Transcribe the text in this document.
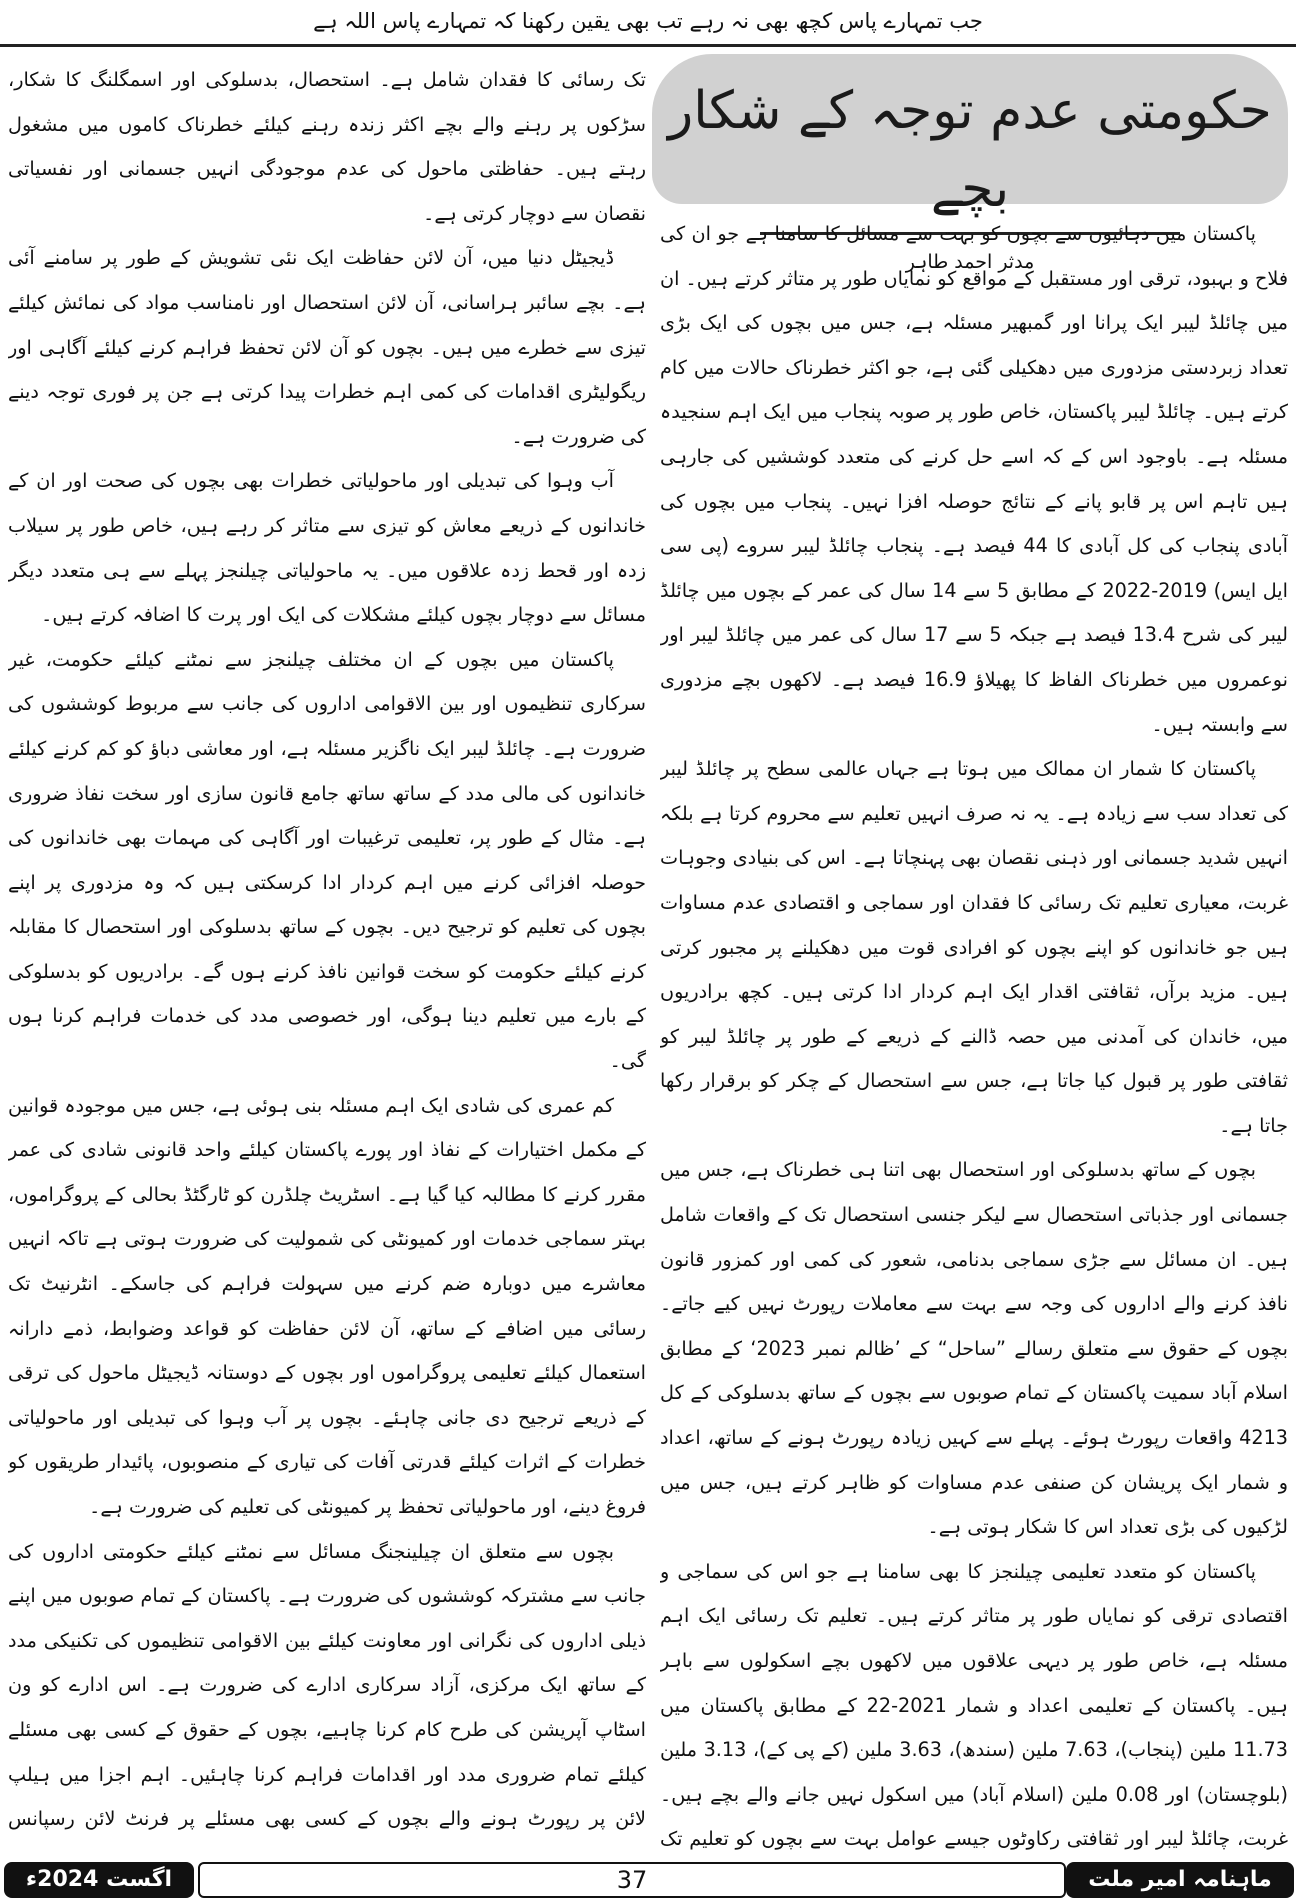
جب تمہارے پاس کچھ بھی نہ رہے تب بھی یقین رکھنا کہ تمہارے پاس اللہ ہے
حکومتی عدم توجہ کے شکار بچے
مدثر احمد طاہر

پاکستان میں دہائیوں سے بچوں کو بہت سے مسائل کا سامنا ہے جو ان کی فلاح و بہبود، ترقی اور مستقبل کے مواقع کو نمایاں طور پر متاثر کرتے ہیں۔ ان میں چائلڈ لیبر ایک پرانا اور گمبھیر مسئلہ ہے، جس میں بچوں کی ایک بڑی تعداد زبردستی مزدوری میں دھکیلی گئی ہے، جو اکثر خطرناک حالات میں کام کرتے ہیں۔ چائلڈ لیبر پاکستان، خاص طور پر صوبہ پنجاب میں ایک اہم سنجیدہ مسئلہ ہے۔ باوجود اس کے کہ اسے حل کرنے کی متعدد کوششیں کی جارہی ہیں تاہم اس پر قابو پانے کے نتائج حوصلہ افزا نہیں۔ پنجاب میں بچوں کی آبادی پنجاب کی کل آبادی کا 44 فیصد ہے۔ پنجاب چائلڈ لیبر سروے (پی سی ایل ایس) 2019-2022 کے مطابق 5 سے 14 سال کی عمر کے بچوں میں چائلڈ لیبر کی شرح 13.4 فیصد ہے جبکہ 5 سے 17 سال کی عمر میں چائلڈ لیبر اور نوعمروں میں خطرناک الفاظ کا پھیلاؤ 16.9 فیصد ہے۔ لاکھوں بچے مزدوری سے وابستہ ہیں۔

پاکستان کا شمار ان ممالک میں ہوتا ہے جہاں عالمی سطح پر چائلڈ لیبر کی تعداد سب سے زیادہ ہے۔ یہ نہ صرف انہیں تعلیم سے محروم کرتا ہے بلکہ انہیں شدید جسمانی اور ذہنی نقصان بھی پہنچاتا ہے۔ اس کی بنیادی وجوہات غربت، معیاری تعلیم تک رسائی کا فقدان اور سماجی و اقتصادی عدم مساوات ہیں جو خاندانوں کو اپنے بچوں کو افرادی قوت میں دھکیلنے پر مجبور کرتی ہیں۔ مزید برآں، ثقافتی اقدار ایک اہم کردار ادا کرتی ہیں۔ کچھ برادریوں میں، خاندان کی آمدنی میں حصہ ڈالنے کے ذریعے کے طور پر چائلڈ لیبر کو ثقافتی طور پر قبول کیا جاتا ہے، جس سے استحصال کے چکر کو برقرار رکھا جاتا ہے۔

بچوں کے ساتھ بدسلوکی اور استحصال بھی اتنا ہی خطرناک ہے، جس میں جسمانی اور جذباتی استحصال سے لیکر جنسی استحصال تک کے واقعات شامل ہیں۔ ان مسائل سے جڑی سماجی بدنامی، شعور کی کمی اور کمزور قانون نافذ کرنے والے اداروں کی وجہ سے بہت سے معاملات رپورٹ نہیں کیے جاتے۔ بچوں کے حقوق سے متعلق رسالے ”ساحل“ کے ’ظالم نمبر 2023‘ کے مطابق اسلام آباد سمیت پاکستان کے تمام صوبوں سے بچوں کے ساتھ بدسلوکی کے کل 4213 واقعات رپورٹ ہوئے۔ پہلے سے کہیں زیادہ رپورٹ ہونے کے ساتھ، اعداد و شمار ایک پریشان کن صنفی عدم مساوات کو ظاہر کرتے ہیں، جس میں لڑکیوں کی بڑی تعداد اس کا شکار ہوتی ہے۔

پاکستان کو متعدد تعلیمی چیلنجز کا بھی سامنا ہے جو اس کی سماجی و اقتصادی ترقی کو نمایاں طور پر متاثر کرتے ہیں۔ تعلیم تک رسائی ایک اہم مسئلہ ہے، خاص طور پر دیہی علاقوں میں لاکھوں بچے اسکولوں سے باہر ہیں۔ پاکستان کے تعلیمی اعداد و شمار 2021-22 کے مطابق پاکستان میں 11.73 ملین (پنجاب)، 7.63 ملین (سندھ)، 3.63 ملین (کے پی کے)، 3.13 ملین (بلوچستان) اور 0.08 ملین (اسلام آباد) میں اسکول نہیں جانے والے بچے ہیں۔ غربت، چائلڈ لیبر اور ثقافتی رکاوٹوں جیسے عوامل بہت سے بچوں کو تعلیم تک

تک رسائی کا فقدان شامل ہے۔ استحصال، بدسلوکی اور اسمگلنگ کا شکار، سڑکوں پر رہنے والے بچے اکثر زندہ رہنے کیلئے خطرناک کاموں میں مشغول رہتے ہیں۔ حفاظتی ماحول کی عدم موجودگی انہیں جسمانی اور نفسیاتی نقصان سے دوچار کرتی ہے۔

ڈیجیٹل دنیا میں، آن لائن حفاظت ایک نئی تشویش کے طور پر سامنے آئی ہے۔ بچے سائبر ہراسانی، آن لائن استحصال اور نامناسب مواد کی نمائش کیلئے تیزی سے خطرے میں ہیں۔ بچوں کو آن لائن تحفظ فراہم کرنے کیلئے آگاہی اور ریگولیٹری اقدامات کی کمی اہم خطرات پیدا کرتی ہے جن پر فوری توجہ دینے کی ضرورت ہے۔

آب وہوا کی تبدیلی اور ماحولیاتی خطرات بھی بچوں کی صحت اور ان کے خاندانوں کے ذریعے معاش کو تیزی سے متاثر کر رہے ہیں، خاص طور پر سیلاب زدہ اور قحط زدہ علاقوں میں۔ یہ ماحولیاتی چیلنجز پہلے سے ہی متعدد دیگر مسائل سے دوچار بچوں کیلئے مشکلات کی ایک اور پرت کا اضافہ کرتے ہیں۔

پاکستان میں بچوں کے ان مختلف چیلنجز سے نمٹنے کیلئے حکومت، غیر سرکاری تنظیموں اور بین الاقوامی اداروں کی جانب سے مربوط کوششوں کی ضرورت ہے۔ چائلڈ لیبر ایک ناگزیر مسئلہ ہے، اور معاشی دباؤ کو کم کرنے کیلئے خاندانوں کی مالی مدد کے ساتھ ساتھ جامع قانون سازی اور سخت نفاذ ضروری ہے۔ مثال کے طور پر، تعلیمی ترغیبات اور آگاہی کی مہمات بھی خاندانوں کی حوصلہ افزائی کرنے میں اہم کردار ادا کرسکتی ہیں کہ وہ مزدوری پر اپنے بچوں کی تعلیم کو ترجیح دیں۔ بچوں کے ساتھ بدسلوکی اور استحصال کا مقابلہ کرنے کیلئے حکومت کو سخت قوانین نافذ کرنے ہوں گے۔ برادریوں کو بدسلوکی کے بارے میں تعلیم دینا ہوگی، اور خصوصی مدد کی خدمات فراہم کرنا ہوں گی۔

کم عمری کی شادی ایک اہم مسئلہ بنی ہوئی ہے، جس میں موجودہ قوانین کے مکمل اختیارات کے نفاذ اور پورے پاکستان کیلئے واحد قانونی شادی کی عمر مقرر کرنے کا مطالبہ کیا گیا ہے۔ اسٹریٹ چلڈرن کو ٹارگٹڈ بحالی کے پروگراموں، بہتر سماجی خدمات اور کمیونٹی کی شمولیت کی ضرورت ہوتی ہے تاکہ انہیں معاشرے میں دوبارہ ضم کرنے میں سہولت فراہم کی جاسکے۔ انٹرنیٹ تک رسائی میں اضافے کے ساتھ، آن لائن حفاظت کو قواعد وضوابط، ذمے دارانہ استعمال کیلئے تعلیمی پروگراموں اور بچوں کے دوستانہ ڈیجیٹل ماحول کی ترقی کے ذریعے ترجیح دی جانی چاہئے۔ بچوں پر آب وہوا کی تبدیلی اور ماحولیاتی خطرات کے اثرات کیلئے قدرتی آفات کی تیاری کے منصوبوں، پائیدار طریقوں کو فروغ دینے، اور ماحولیاتی تحفظ پر کمیونٹی کی تعلیم کی ضرورت ہے۔

بچوں سے متعلق ان چیلینجنگ مسائل سے نمٹنے کیلئے حکومتی اداروں کی جانب سے مشترکہ کوششوں کی ضرورت ہے۔ پاکستان کے تمام صوبوں میں اپنے ذیلی اداروں کی نگرانی اور معاونت کیلئے بین الاقوامی تنظیموں کی تکنیکی مدد کے ساتھ ایک مرکزی، آزاد سرکاری ادارے کی ضرورت ہے۔ اس ادارے کو ون اسٹاپ آپریشن کی طرح کام کرنا چاہیے، بچوں کے حقوق کے کسی بھی مسئلے کیلئے تمام ضروری مدد اور اقدامات فراہم کرنا چاہئیں۔ اہم اجزا میں ہیلپ لائن پر رپورٹ ہونے والے بچوں کے کسی بھی مسئلے پر فرنٹ لائن رسپانس

اگست 2024ء	37	ماہنامہ امیر ملت
